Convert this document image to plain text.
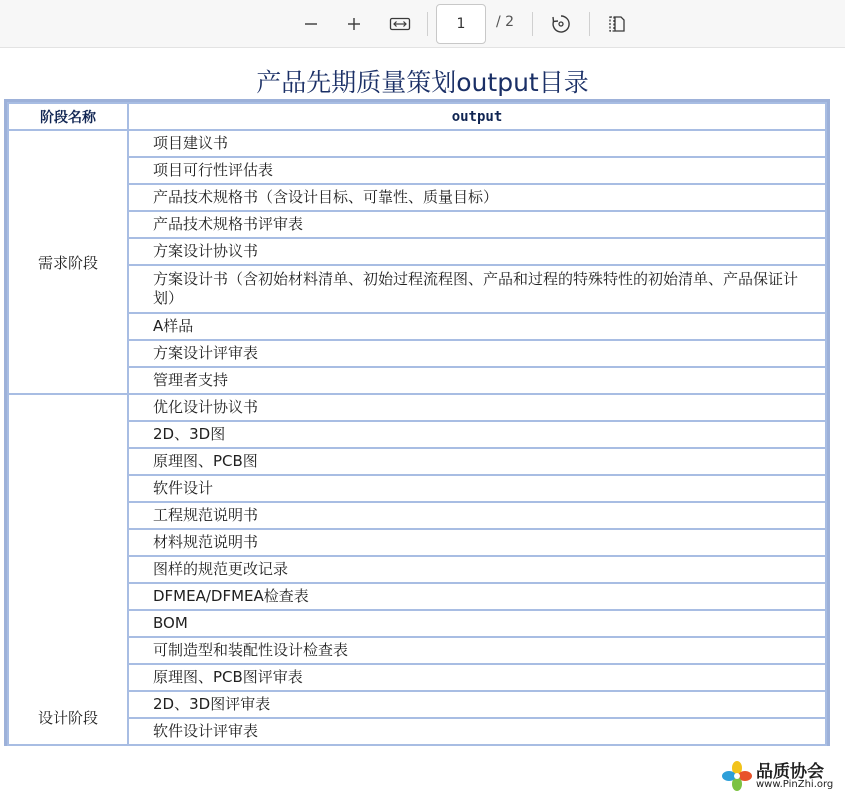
1
/ 2
产品先期质量策划output目录
阶段名称	output
需求阶段	项目建议书
	项目可行性评估表
	产品技术规格书（含设计目标、可靠性、质量目标）
	产品技术规格书评审表
	方案设计协议书
	方案设计书（含初始材料清单、初始过程流程图、产品和过程的特殊特性的初始清单、产品保证计划）
	A样品
	方案设计评审表
	管理者支持
设计阶段	优化设计协议书
	2D、3D图
	原理图、PCB图
	软件设计
	工程规范说明书
	材料规范说明书
	图样的规范更改记录
	DFMEA/DFMEA检查表
	BOM
	可制造型和装配性设计检查表
	原理图、PCB图评审表
	2D、3D图评审表
	软件设计评审表
品质协会
www.PinZhi.org
